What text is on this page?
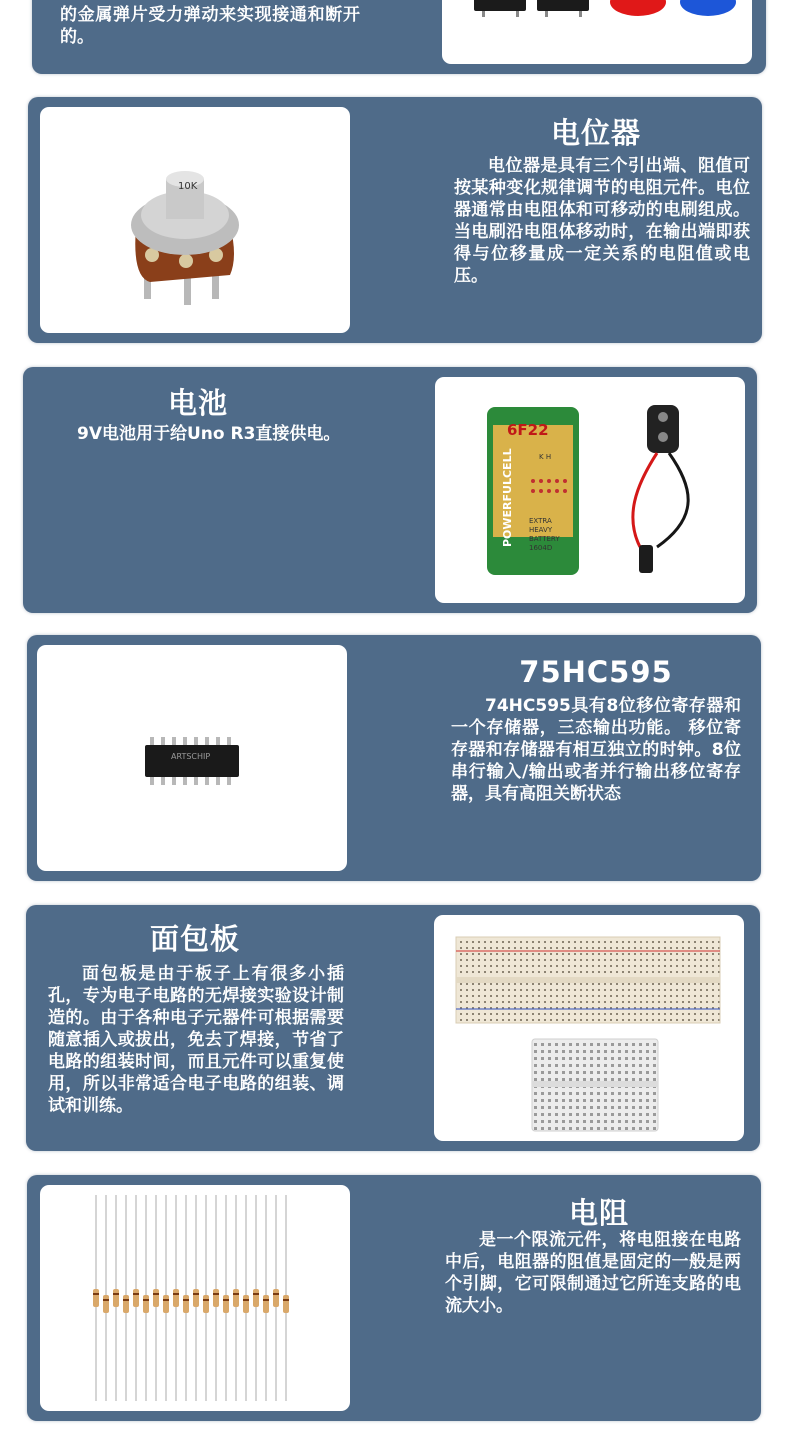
的金属弹片受力弹动来实现接通和断开的。
10K
电位器
电位器是具有三个引出端、阻值可按某种变化规律调节的电阻元件。电位器通常由电阻体和可移动的电刷组成。当电刷沿电阻体移动时，在输出端即获得与位移量成一定关系的电阻值或电压。
电池
9V电池用于给Uno R3直接供电。	6F22
POWERFULCELL	K H
EXTRA
HEAVY
BATTERY
1604D
ARTSCHIP
75HC595
74HC595具有8位移位寄存器和一个存储器，三态输出功能。 移位寄存器和存储器有相互独立的时钟。8位串行输入/输出或者并行输出移位寄存器，具有高阻关断状态
面包板
面包板是由于板子上有很多小插孔，专为电子电路的无焊接实验设计制造的。由于各种电子元器件可根据需要随意插入或拔出，免去了焊接，节省了电路的组装时间，而且元件可以重复使用，所以非常适合电子电路的组装、调试和训练。
电阻
是一个限流元件，将电阻接在电路中后，电阻器的阻值是固定的一般是两个引脚，它可限制通过它所连支路的电流大小。
